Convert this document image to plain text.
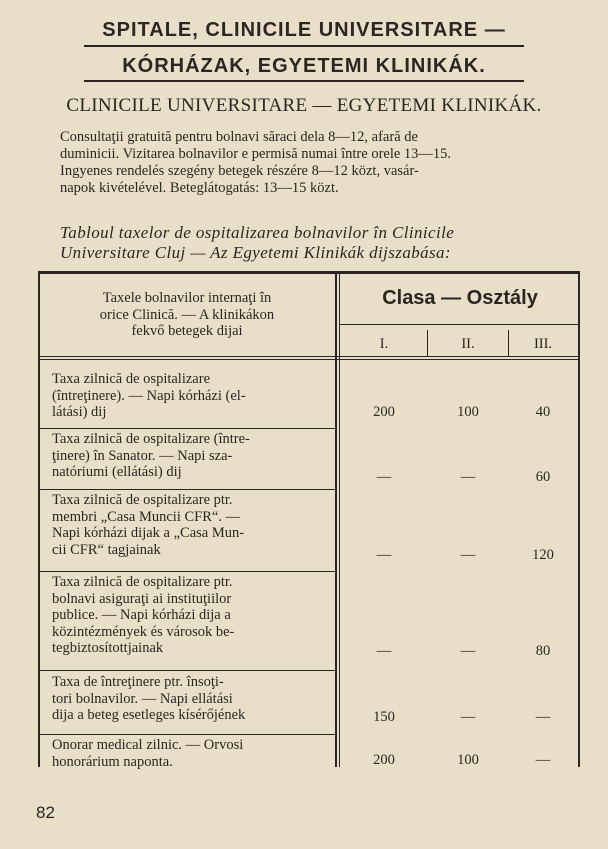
SPITALE, CLINICILE UNIVERSITARE —
KÓRHÁZAK, EGYETEMI KLINIKÁK.
CLINICILE UNIVERSITARE — EGYETEMI KLINIKÁK.
Consultaţii gratuită pentru bolnavi săraci dela 8—12, afară de
duminicii. Vizitarea bolnavilor e permisă numai între orele 13—15.
Ingyenes rendelés szegény betegek részére 8—12 közt, vasár-
napok kivételével. Beteglátogatás: 13—15 közt.
Tabloul taxelor de ospitalizarea bolnavilor în Clinicile
Universitare Cluj — Az Egyetemi Klinikák dijszabása:
Taxele bolnavilor internaţi în
orice Clinică. — A klinikákon
fekvő betegek dijai
Clasa — Osztály
I.	II.	III.
Taxa zilnică de ospitalizare
(întreţinere). — Napi kórházi (el-
látási) dij	200	100	40
Taxa zilnică de ospitalizare (între-
ţinere) în Sanator. — Napi sza-
natóriumi (ellátási) dij	—	—	60
Taxa zilnică de ospitalizare ptr.
membri „Casa Muncii CFR“. —
Napi kórházi dijak a „Casa Mun-
cii CFR“ tagjainak	—	—	120
Taxa zilnică de ospitalizare ptr.
bolnavi asiguraţi ai instituţiilor
publice. — Napi kórházi dija a
közintézmények és városok be-
tegbiztosítottjainak	—	—	80
Taxa de întreţinere ptr. însoţi-
tori bolnavilor. — Napi ellátási
dija a beteg esetleges kísérőjének	150	—	—
Onorar medical zilnic. — Orvosi
honorárium naponta.	200	100	—
82
